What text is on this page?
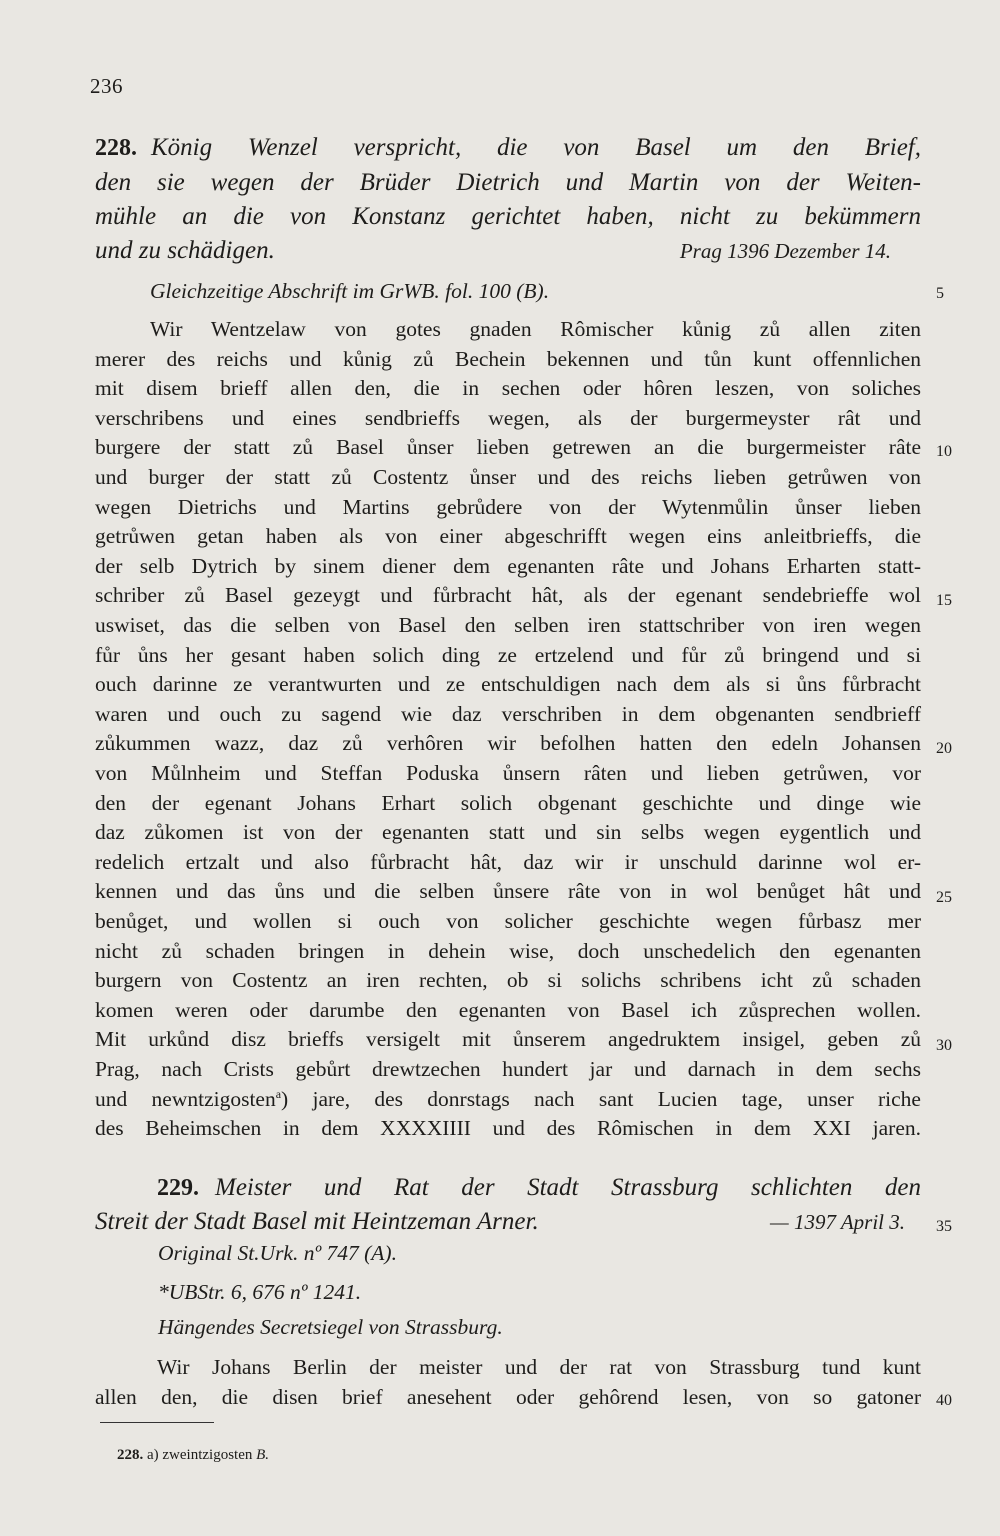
236
228. König Wenzel verspricht, die von Basel um den Brief,
den sie wegen der Brüder Dietrich und Martin von der Weiten-
mühle an die von Konstanz gerichtet haben, nicht zu bekümmern
und zu schädigen.	Prag 1396 Dezember 14.
Gleichzeitige Abschrift im GrWB. fol. 100 (B).
Wir Wentzelaw von gotes gnaden Rômischer kůnig zů allen ziten
merer des reichs und kůnig zů Bechein bekennen und tůn kunt offennlichen
mit disem brieff allen den, die in sechen oder hôren leszen, von soliches
verschribens und eines sendbrieffs wegen, als der burgermeyster rât und
burgere der statt zů Basel ůnser lieben getrewen an die burgermeister râte
und burger der statt zů Costentz ůnser und des reichs lieben getrůwen von
wegen Dietrichs und Martins gebrůdere von der Wytenmůlin ůnser lieben
getrůwen getan haben als von einer abgeschrifft wegen eins anleitbrieffs, die
der selb Dytrich by sinem diener dem egenanten râte und Johans Erharten statt-
schriber zů Basel gezeygt und fůrbracht hât, als der egenant sendebrieffe wol
uswiset, das die selben von Basel den selben iren stattschriber von iren wegen
fůr ůns her gesant haben solich ding ze ertzelend und fůr zů bringend und si
ouch darinne ze verantwurten und ze entschuldigen nach dem als si ůns fůrbracht
waren und ouch zu sagend wie daz verschriben in dem obgenanten sendbrieff
zůkummen wazz, daz zů verhôren wir befolhen hatten den edeln Johansen
von Můlnheim und Steffan Poduska ůnsern râten und lieben getrůwen, vor
den der egenant Johans Erhart solich obgenant geschichte und dinge wie
daz zůkomen ist von der egenanten statt und sin selbs wegen eygentlich und
redelich ertzalt und also fůrbracht hât, daz wir ir unschuld darinne wol er-
kennen und das ůns und die selben ůnsere râte von in wol benůget hât und
benůget, und wollen si ouch von solicher geschichte wegen fůrbasz mer
nicht zů schaden bringen in dehein wise, doch unschedelich den egenanten
burgern von Costentz an iren rechten, ob si solichs schribens icht zů schaden
komen weren oder darumbe den egenanten von Basel ich zůsprechen wollen.
Mit urkůnd disz brieffs versigelt mit ůnserem angedruktem insigel, geben zů
Prag, nach Crists gebůrt drewtzechen hundert jar und darnach in dem sechs
und newntzigosten$^a$) jare, des donrstags nach sant Lucien tage, unser riche
des Beheimschen in dem XXXXIIII und des Rômischen in dem XXI jaren.
229. Meister und Rat der Stadt Strassburg schlichten den
Streit der Stadt Basel mit Heintzeman Arner.	— 1397 April 3.
Original St.Urk. nº 747 (A).
*UBStr. 6, 676 nº 1241.
Hängendes Secretsiegel von Strassburg.
Wir Johans Berlin der meister und der rat von Strassburg tund kunt
allen den, die disen brief anesehent oder gehôrend lesen, von so gatoner
5
10
15
20
25
30
35
40
228. a) zweintzigosten B.
